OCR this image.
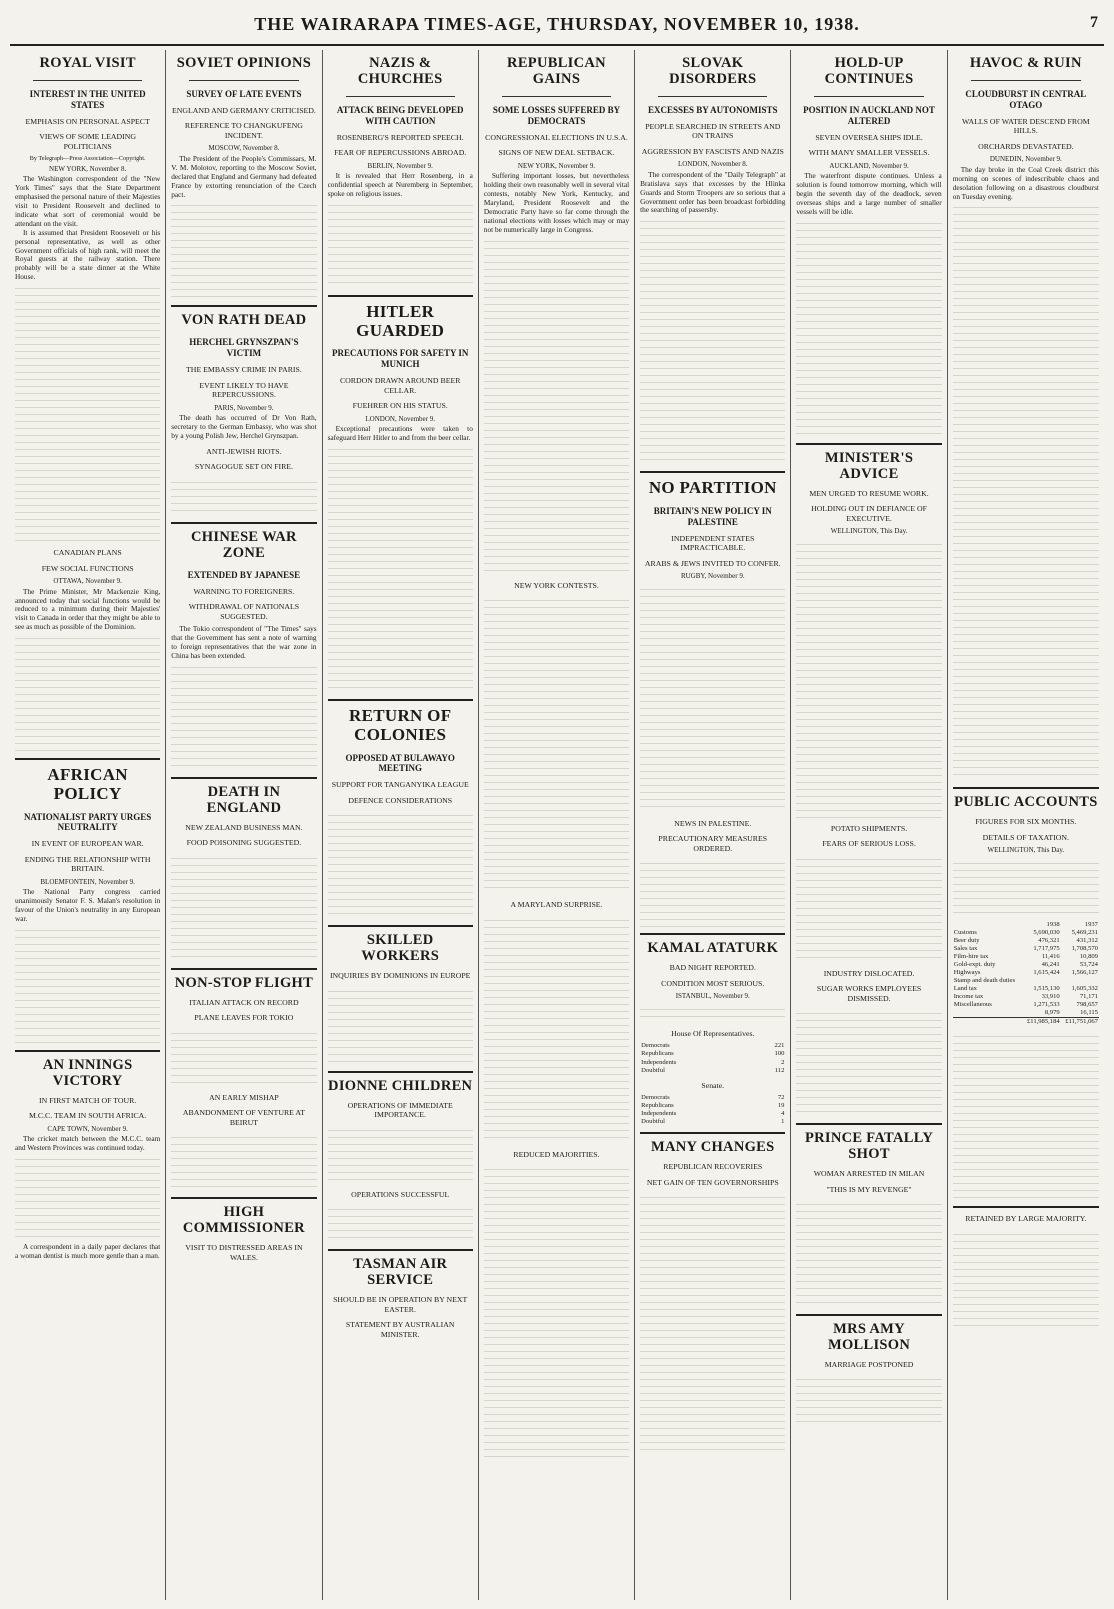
THE WAIRARAPA TIMES-AGE, THURSDAY, NOVEMBER 10, 1938.	7
ROYAL VISIT
INTEREST IN THE UNITED STATES
EMPHASIS ON PERSONAL ASPECT
VIEWS OF SOME LEADING POLITICIANS
By Telegraph—Press Association—Copyright.
NEW YORK, November 8.

The Washington correspondent of the "New York Times" says that the State Department emphasised the personal nature of their Majesties visit to President Roosevelt and declined to indicate what sort of ceremonial would be attendant on the visit.

It is assumed that President Roosevelt or his personal representative, as well as other Government officials of high rank, will meet the Royal guests at the railway station. There probably will be a state dinner at the White House.

CANADIAN PLANS
FEW SOCIAL FUNCTIONS
OTTAWA, November 9.

The Prime Minister, Mr Mackenzie King, announced today that social functions would be reduced to a minimum during their Majesties' visit to Canada in order that they might be able to see as much as possible of the Dominion.

AFRICAN POLICY
NATIONALIST PARTY URGES NEUTRALITY
IN EVENT OF EUROPEAN WAR.
ENDING THE RELATIONSHIP WITH BRITAIN.
BLOEMFONTEIN, November 9.

The National Party congress carried unanimously Senator F. S. Malan's resolution in favour of the Union's neutrality in any European war.

AN INNINGS VICTORY
IN FIRST MATCH OF TOUR.
M.C.C. TEAM IN SOUTH AFRICA.
CAPE TOWN, November 9.

The cricket match between the M.C.C. team and Western Provinces was continued today.

A correspondent in a daily paper declares that a woman dentist is much more gentle than a man.

SOVIET OPINIONS
SURVEY OF LATE EVENTS
ENGLAND AND GERMANY CRITICISED.
REFERENCE TO CHANGKUFENG INCIDENT.
MOSCOW, November 8.

The President of the People's Commissars, M. V. M. Molotov, reporting to the Moscow Soviet, declared that England and Germany had defeated France by extorting renunciation of the Czech pact.

VON RATH DEAD
HERCHEL GRYNSZPAN'S VICTIM
THE EMBASSY CRIME IN PARIS.
EVENT LIKELY TO HAVE REPERCUSSIONS.
PARIS, November 9.

The death has occurred of Dr Von Rath, secretary to the German Embassy, who was shot by a young Polish Jew, Herchel Grynszpan.

ANTI-JEWISH RIOTS.
SYNAGOGUE SET ON FIRE.
CHINESE WAR ZONE
EXTENDED BY JAPANESE
WARNING TO FOREIGNERS.
WITHDRAWAL OF NATIONALS SUGGESTED.

The Tokio correspondent of "The Times" says that the Government has sent a note of warning to foreign representatives that the war zone in China has been extended.

DEATH IN ENGLAND
NEW ZEALAND BUSINESS MAN.
FOOD POISONING SUGGESTED.
NON-STOP FLIGHT
ITALIAN ATTACK ON RECORD
PLANE LEAVES FOR TOKIO
AN EARLY MISHAP
ABANDONMENT OF VENTURE AT BEIRUT
HIGH COMMISSIONER
VISIT TO DISTRESSED AREAS IN WALES.
NAZIS & CHURCHES
ATTACK BEING DEVELOPED WITH CAUTION
ROSENBERG'S REPORTED SPEECH.
FEAR OF REPERCUSSIONS ABROAD.
BERLIN, November 9.

It is revealed that Herr Rosenberg, in a confidential speech at Nuremberg in September, spoke on religious issues.

HITLER GUARDED
PRECAUTIONS FOR SAFETY IN MUNICH
CORDON DRAWN AROUND BEER CELLAR.
FUEHRER ON HIS STATUS.
LONDON, November 9.

Exceptional precautions were taken to safeguard Herr Hitler to and from the beer cellar.

RETURN OF COLONIES
OPPOSED AT BULAWAYO MEETING
SUPPORT FOR TANGANYIKA LEAGUE
DEFENCE CONSIDERATIONS
SKILLED WORKERS
INQUIRIES BY DOMINIONS IN EUROPE
DIONNE CHILDREN
OPERATIONS OF IMMEDIATE IMPORTANCE.
OPERATIONS SUCCESSFUL
TASMAN AIR SERVICE
SHOULD BE IN OPERATION BY NEXT EASTER.
STATEMENT BY AUSTRALIAN MINISTER.
REPUBLICAN GAINS
SOME LOSSES SUFFERED BY DEMOCRATS
CONGRESSIONAL ELECTIONS IN U.S.A.
SIGNS OF NEW DEAL SETBACK.
NEW YORK, November 9.

Suffering important losses, but nevertheless holding their own reasonably well in several vital contests, notably New York, Kentucky, and Maryland, President Roosevelt and the Democratic Party have so far come through the national elections with losses which may or may not be numerically large in Congress.

NEW YORK CONTESTS.
A MARYLAND SURPRISE.
REDUCED MAJORITIES.
SLOVAK DISORDERS
EXCESSES BY AUTONOMISTS
PEOPLE SEARCHED IN STREETS AND ON TRAINS
AGGRESSION BY FASCISTS AND NAZIS
LONDON, November 8.

The correspondent of the "Daily Telegraph" at Bratislava says that excesses by the Hlinka Guards and Storm Troopers are so serious that a Government order has been broadcast forbidding the searching of passersby.

NO PARTITION
BRITAIN'S NEW POLICY IN PALESTINE
INDEPENDENT STATES IMPRACTICABLE.
ARABS & JEWS INVITED TO CONFER.
RUGBY, November 9.
NEWS IN PALESTINE.
PRECAUTIONARY MEASURES ORDERED.
KAMAL ATATURK
BAD NIGHT REPORTED.
CONDITION MOST SERIOUS.
ISTANBUL, November 9.
House Of Representatives.
Democrats	221
Republicans	100
Independents	2
Doubtful	112
Senate.
Democrats	72
Republicans	19
Independents	4
Doubtful	1
MANY CHANGES
REPUBLICAN RECOVERIES
NET GAIN OF TEN GOVERNORSHIPS
HOLD-UP CONTINUES
POSITION IN AUCKLAND NOT ALTERED
SEVEN OVERSEA SHIPS IDLE.
WITH MANY SMALLER VESSELS.
AUCKLAND, November 9.

The waterfront dispute continues. Unless a solution is found tomorrow morning, which will begin the seventh day of the deadlock, seven overseas ships and a large number of smaller vessels will be idle.

MINISTER'S ADVICE
MEN URGED TO RESUME WORK.
HOLDING OUT IN DEFIANCE OF EXECUTIVE.
WELLINGTON, This Day.
POTATO SHIPMENTS.
FEARS OF SERIOUS LOSS.
INDUSTRY DISLOCATED.
SUGAR WORKS EMPLOYEES DISMISSED.
PRINCE FATALLY SHOT
WOMAN ARRESTED IN MILAN
"THIS IS MY REVENGE"
MRS AMY MOLLISON
MARRIAGE POSTPONED
HAVOC & RUIN
CLOUDBURST IN CENTRAL OTAGO
WALLS OF WATER DESCEND FROM HILLS.
ORCHARDS DEVASTATED.
DUNEDIN, November 9.

The day broke in the Coal Creek district this morning on scenes of indescribable chaos and desolation following on a disastrous cloudburst on Tuesday evening.

PUBLIC ACCOUNTS
FIGURES FOR SIX MONTHS.
DETAILS OF TAXATION.
WELLINGTON, This Day.
	1938	1937
Customs	5,690,030	5,469,231
Beer duty	476,321	431,312
Sales tax	1,717,975	1,708,570
Film-hire tax	11,416	10,809
Gold-expt. duty	46,241	53,724
Highways	1,615,424	1,566,127
Stamp and death duties		
Land tax	1,515,130	1,605,332
Income tax	33,910	71,171
Miscellaneous	1,271,533	798,657
	8,979	16,115
	£11,985,184	£11,751,067
RETAINED BY LARGE MAJORITY.
